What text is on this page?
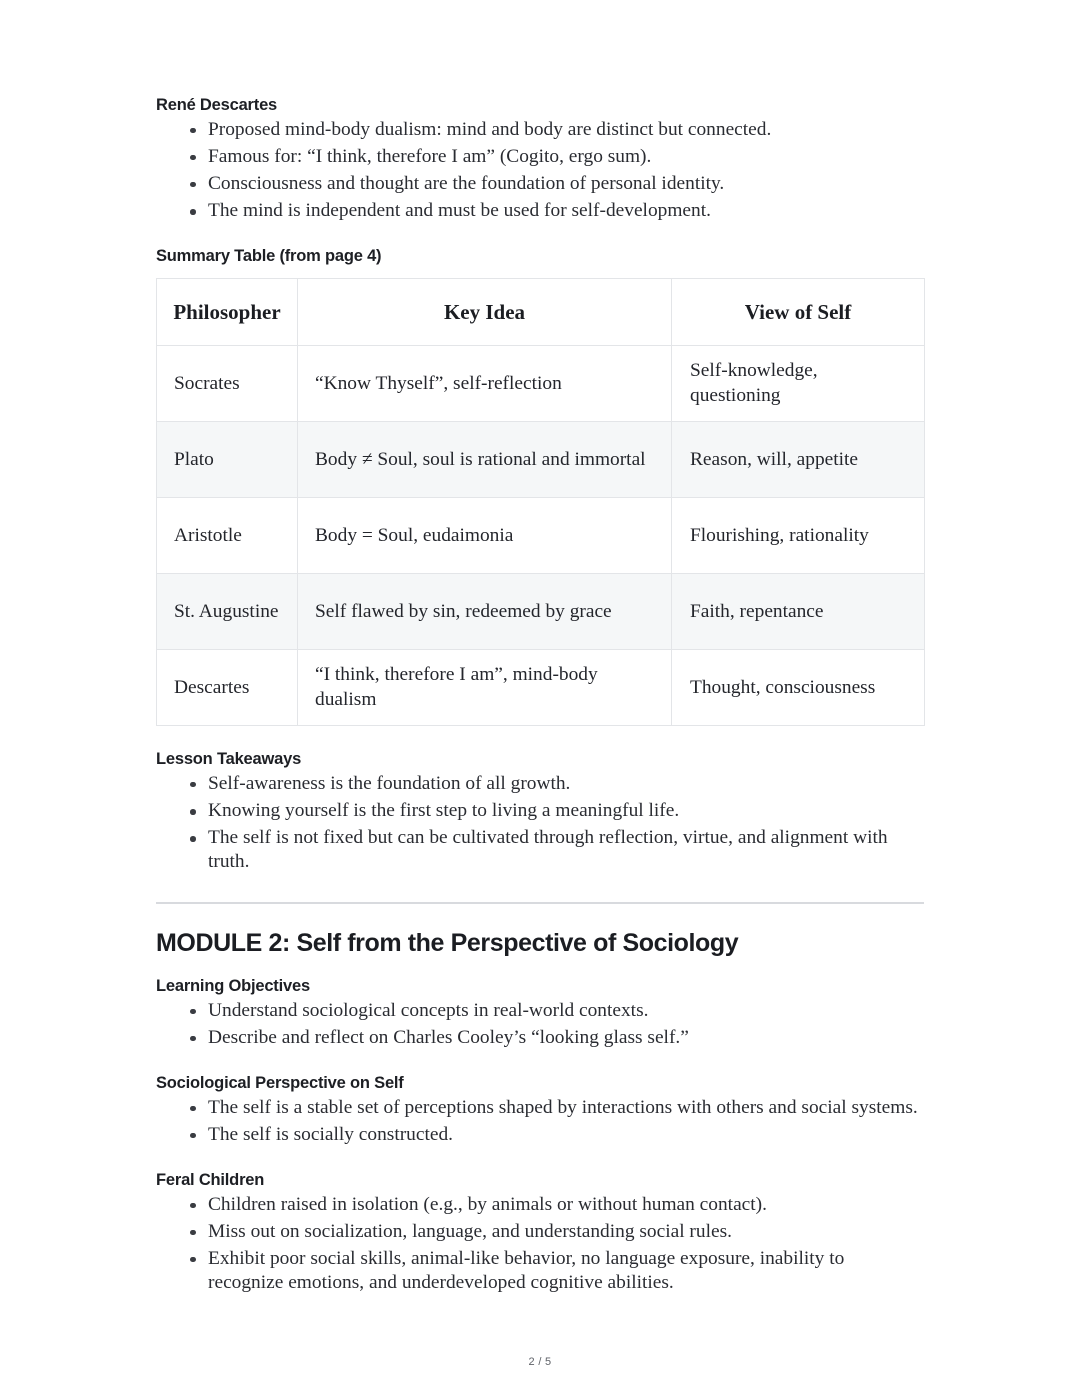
René Descartes
Proposed mind-body dualism: mind and body are distinct but connected.
Famous for: “I think, therefore I am” (Cogito, ergo sum).
Consciousness and thought are the foundation of personal identity.
The mind is independent and must be used for self-development.
Summary Table (from page 4)
Philosopher	Key Idea	View of Self
Socrates	“Know Thyself”, self-reflection	Self-knowledge, questioning
Plato	Body ≠ Soul, soul is rational and immortal	Reason, will, appetite
Aristotle	Body = Soul, eudaimonia	Flourishing, rationality
St. Augustine	Self flawed by sin, redeemed by grace	Faith, repentance
Descartes	“I think, therefore I am”, mind-body dualism	Thought, consciousness
Lesson Takeaways
Self-awareness is the foundation of all growth.
Knowing yourself is the first step to living a meaningful life.
The self is not fixed but can be cultivated through reflection, virtue, and alignment with truth.
MODULE 2: Self from the Perspective of Sociology
Learning Objectives
Understand sociological concepts in real-world contexts.
Describe and reflect on Charles Cooley’s “looking glass self.”
Sociological Perspective on Self
The self is a stable set of perceptions shaped by interactions with others and social systems.
The self is socially constructed.
Feral Children
Children raised in isolation (e.g., by animals or without human contact).
Miss out on socialization, language, and understanding social rules.
Exhibit poor social skills, animal-like behavior, no language exposure, inability to recognize emotions, and underdeveloped cognitive abilities.
2 / 5
